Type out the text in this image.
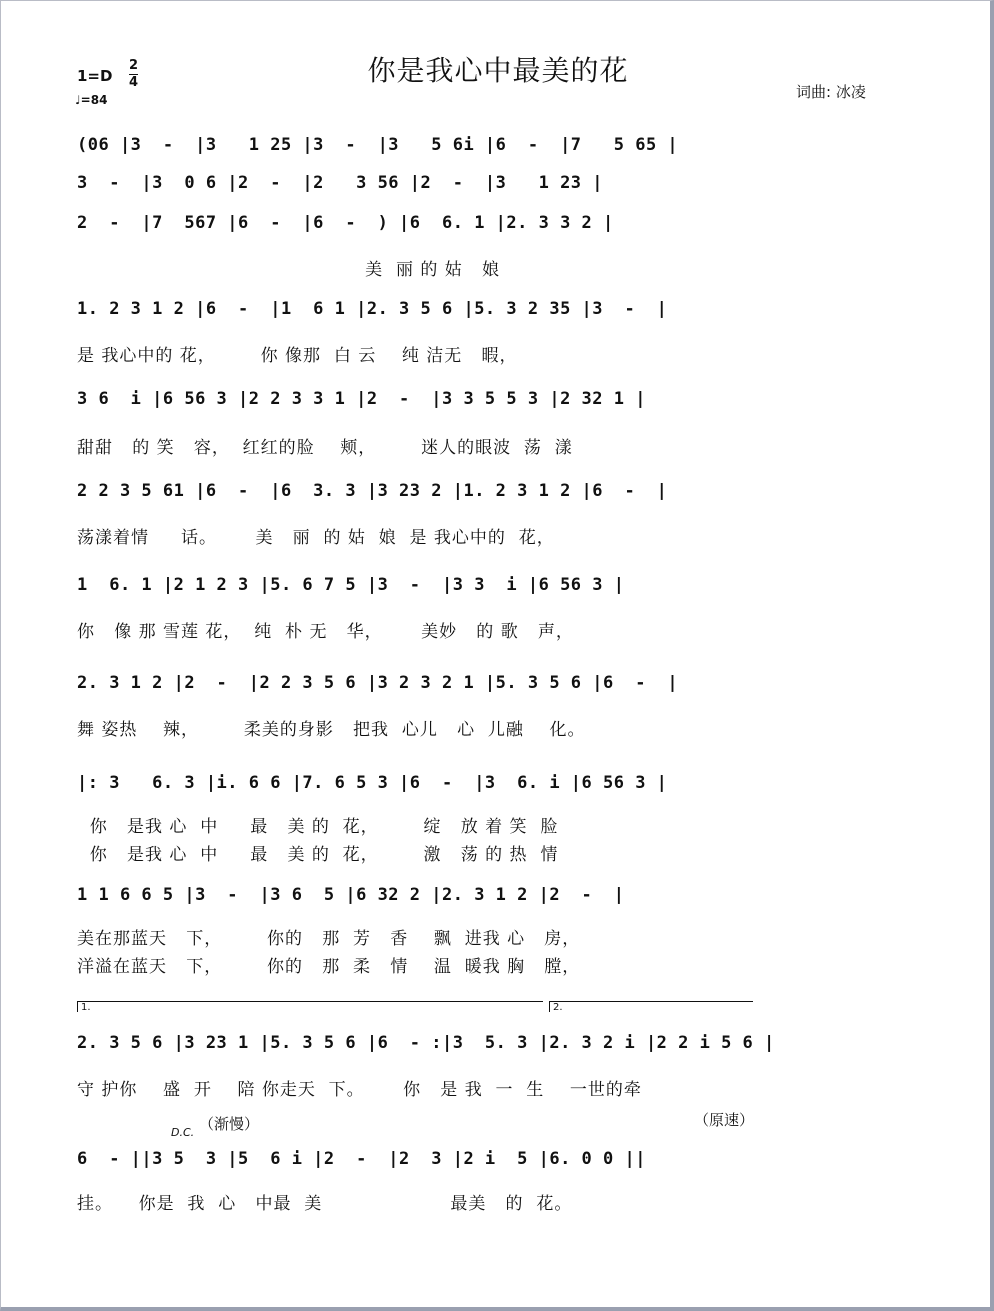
你是我心中最美的花
1=D
2
4
♩=84	词曲: 冰凌
(06 |3  -  |3   1 25 |3  -  |3   5 6i |6  -  |7   5 65 |
3  -  |3  0 6 |2  -  |2   3 56 |2  -  |3   1 23 |
2  -  |7  567 |6  -  |6  -  ) |6  6. 1 |2. 3 3 2 |
美  丽 的 姑   娘
1. 2 3 1 2 |6  -  |1  6 1 |2. 3 5 6 |5. 3 2 35 |3  -  |
是 我心中的 花，       你 像那  白 云    纯 洁无   暇，
3 6  i |6 56 3 |2 2 3 3 1 |2  -  |3 3 5 5 3 |2 32 1 |
甜甜   的 笑   容，  红红的脸    颊，       迷人的眼波  荡  漾
2 2 3 5 61 |6  -  |6  3. 3 |3 23 2 |1. 2 3 1 2 |6  -  |
荡漾着情     话。      美   丽  的 姑  娘  是 我心中的  花，
1  6. 1 |2 1 2 3 |5. 6 7 5 |3  -  |3 3  i |6 56 3 |
你   像 那 雪莲 花，  纯  朴 无   华，      美妙   的 歌   声，
2. 3 1 2 |2  -  |2 2 3 5 6 |3 2 3 2 1 |5. 3 5 6 |6  -  |
舞 姿热    辣，       柔美的身影   把我  心儿   心  儿融    化。
|: 3   6. 3 |i. 6 6 |7. 6 5 3 |6  -  |3  6. i |6 56 3 |
你   是我 心  中     最   美 的  花，       绽   放 着 笑  脸
你   是我 心  中     最   美 的  花，       激   荡 的 热  情
1 1 6 6 5 |3  -  |3 6  5 |6 32 2 |2. 3 1 2 |2  -  |
美在那蓝天   下，       你的   那  芳   香    飘  进我 心   房，
洋溢在蓝天   下，       你的   那  柔   情    温  暖我 胸   膛，
1.	2.
2. 3 5 6 |3 23 1 |5. 3 5 6 |6  - :|3  5. 3 |2. 3 2 i |2 2 i 5 6 |
守 护你    盛  开    陪 你走天  下。      你   是 我  一  生    一世的牵
D.C. （渐慢）	（原速）
6  - ||3 5  3 |5  6 i |2  -  |2  3 |2 i  5 |6. 0 0 ||
挂。    你是  我  心   中最  美                    最美   的  花。
